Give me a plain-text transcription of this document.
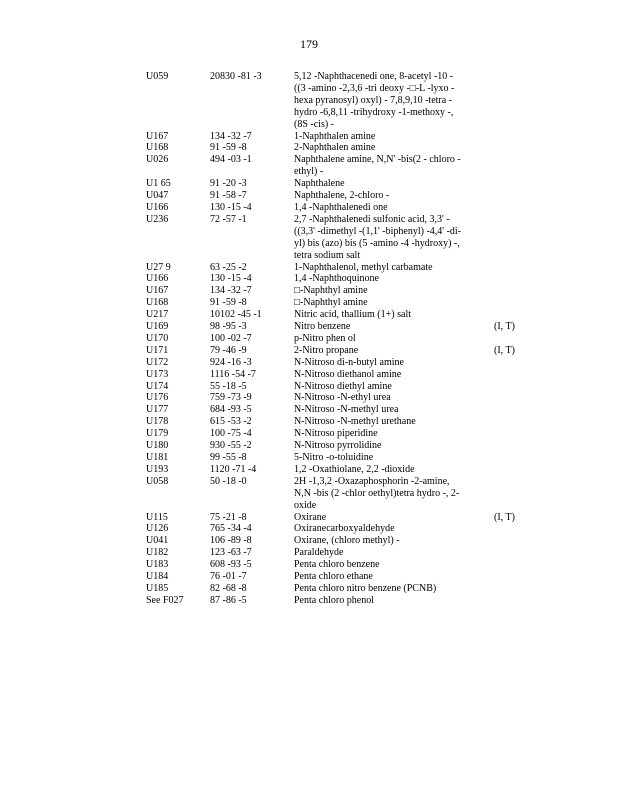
179
U059	20830 -81 -3	5,12 -Naphthacenedi one, 8-acetyl -10 -
((3 -amino -2,3,6 -tri deoxy -□-L -lyxo -
hexa pyranosyl) oxyl) - 7,8,9,10 -tetra -
hydro -6,8,11 -trihydroxy -1-methoxy -,
(8S -cis) -
U167	134 -32 -7	1-Naphthalen amine
U168	91 -59 -8	2-Naphthalen amine
U026	494 -03 -1	Naphthalene amine, N,N' -bis(2 - chloro -
ethyl) -
U1 65	91 -20 -3	Naphthalene
U047	91 -58 -7	Naphthalene, 2-chloro -
U166	130 -15 -4	1,4 -Naphthalenedi one
U236	72 -57 -1	2,7 -Naphthalenedi sulfonic acid, 3,3' -
((3,3' -dimethyl -(1,1' -biphenyl) -4,4' -di-
yl) bis (azo) bis (5 -amino -4 -hydroxy) -,
tetra sodium salt
U27 9	63 -25 -2	1-Naphthalenol, methyl carbamate
U166	130 -15 -4	1,4 -Naphthoquinone
U167	134 -32 -7	□-Naphthyl amine
U168	91 -59 -8	□-Naphthyl amine
U217	10102 -45 -1	Nitric acid, thallium (1+) salt
U169	98 -95 -3	Nitro benzene	(I, T)
U170	100 -02 -7	p-Nitro phen ol
U171	79 -46 -9	2-Nitro propane	(I, T)
U172	924 -16 -3	N-Nitroso di-n-butyl amine
U173	1116 -54 -7	N-Nitroso diethanol amine
U174	55 -18 -5	N-Nitroso diethyl amine
U176	759 -73 -9	N-Nitroso -N-ethyl urea
U177	684 -93 -5	N-Nitroso -N-methyl urea
U178	615 -53 -2	N-Nitroso -N-methyl urethane
U179	100 -75 -4	N-Nitroso piperidine
U180	930 -55 -2	N-Nitroso pyrrolidine
U181	99 -55 -8	5-Nitro -o-toluidine
U193	1120 -71 -4	1,2 -Oxathiolane, 2,2 -dioxide
U058	50 -18 -0	2H -1,3,2 -Oxazaphosphorin -2-amine,
N,N -bis (2 -chlor oethyl)tetra hydro -, 2-
oxide
U115	75 -21 -8	Oxirane	(I, T)
U126	765 -34 -4	Oxiranecarboxyaldehyde
U041	106 -89 -8	Oxirane, (chloro methyl) -
U182	123 -63 -7	Paraldehyde
U183	608 -93 -5	Penta chloro benzene
U184	76 -01 -7	Penta chloro ethane
U185	82 -68 -8	Penta chloro nitro benzene (PCNB)
See F027	87 -86 -5	Penta chloro phenol
